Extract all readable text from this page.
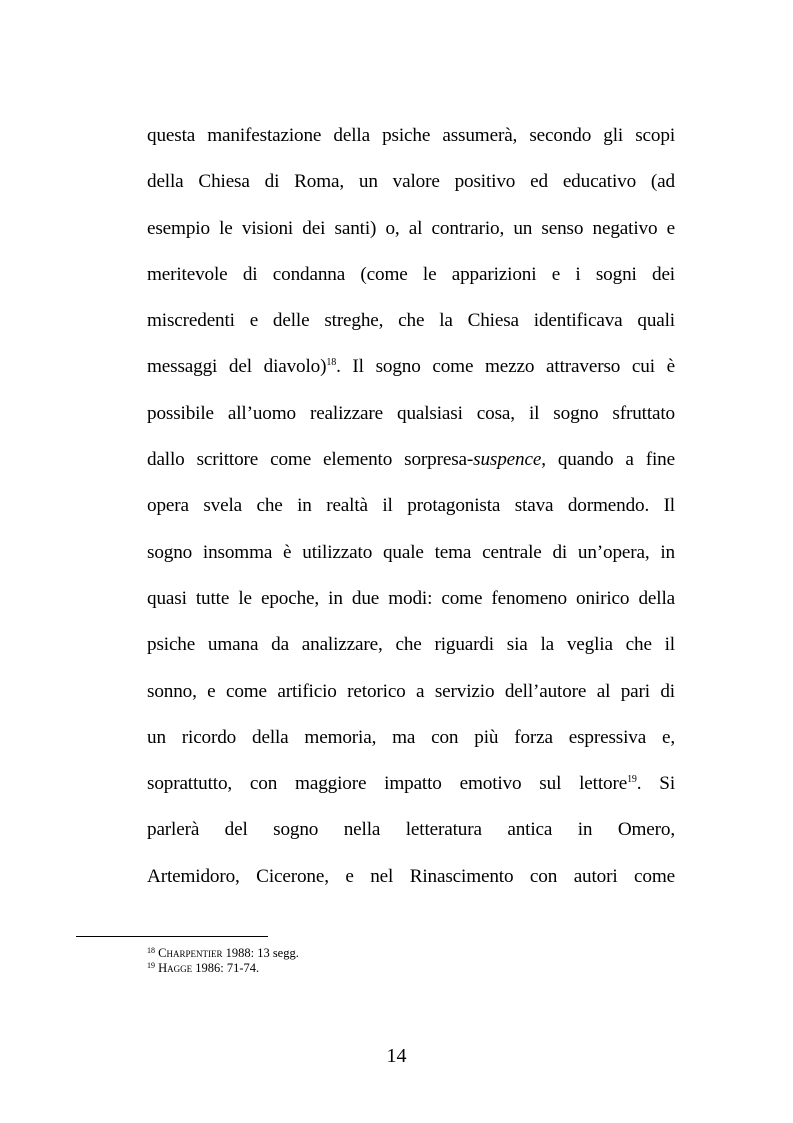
questa manifestazione della psiche assumerà, secondo gli scopi
della Chiesa di Roma, un valore positivo ed educativo (ad
esempio le visioni dei santi) o, al contrario, un senso negativo e
meritevole di condanna (come le apparizioni e i sogni dei
miscredenti e delle streghe, che la Chiesa identificava quali
messaggi del diavolo)$^{18}$. Il sogno come mezzo attraverso cui è
possibile all’uomo realizzare qualsiasi cosa, il sogno sfruttato
dallo scrittore come elemento sorpresa-suspence, quando a fine
opera svela che in realtà il protagonista stava dormendo. Il
sogno insomma è utilizzato quale tema centrale di un’opera, in
quasi tutte le epoche, in due modi: come fenomeno onirico della
psiche umana da analizzare, che riguardi sia la veglia che il
sonno, e come artificio retorico a servizio dell’autore al pari di
un ricordo della memoria, ma con più forza espressiva e,
soprattutto, con maggiore impatto emotivo sul lettore$^{19}$. Si
parlerà del sogno nella letteratura antica in Omero,
Artemidoro, Cicerone, e nel Rinascimento con autori come
$^{18}$ Charpentier 1988: 13 segg.
$^{19}$ Hagge 1986: 71-74.
14
